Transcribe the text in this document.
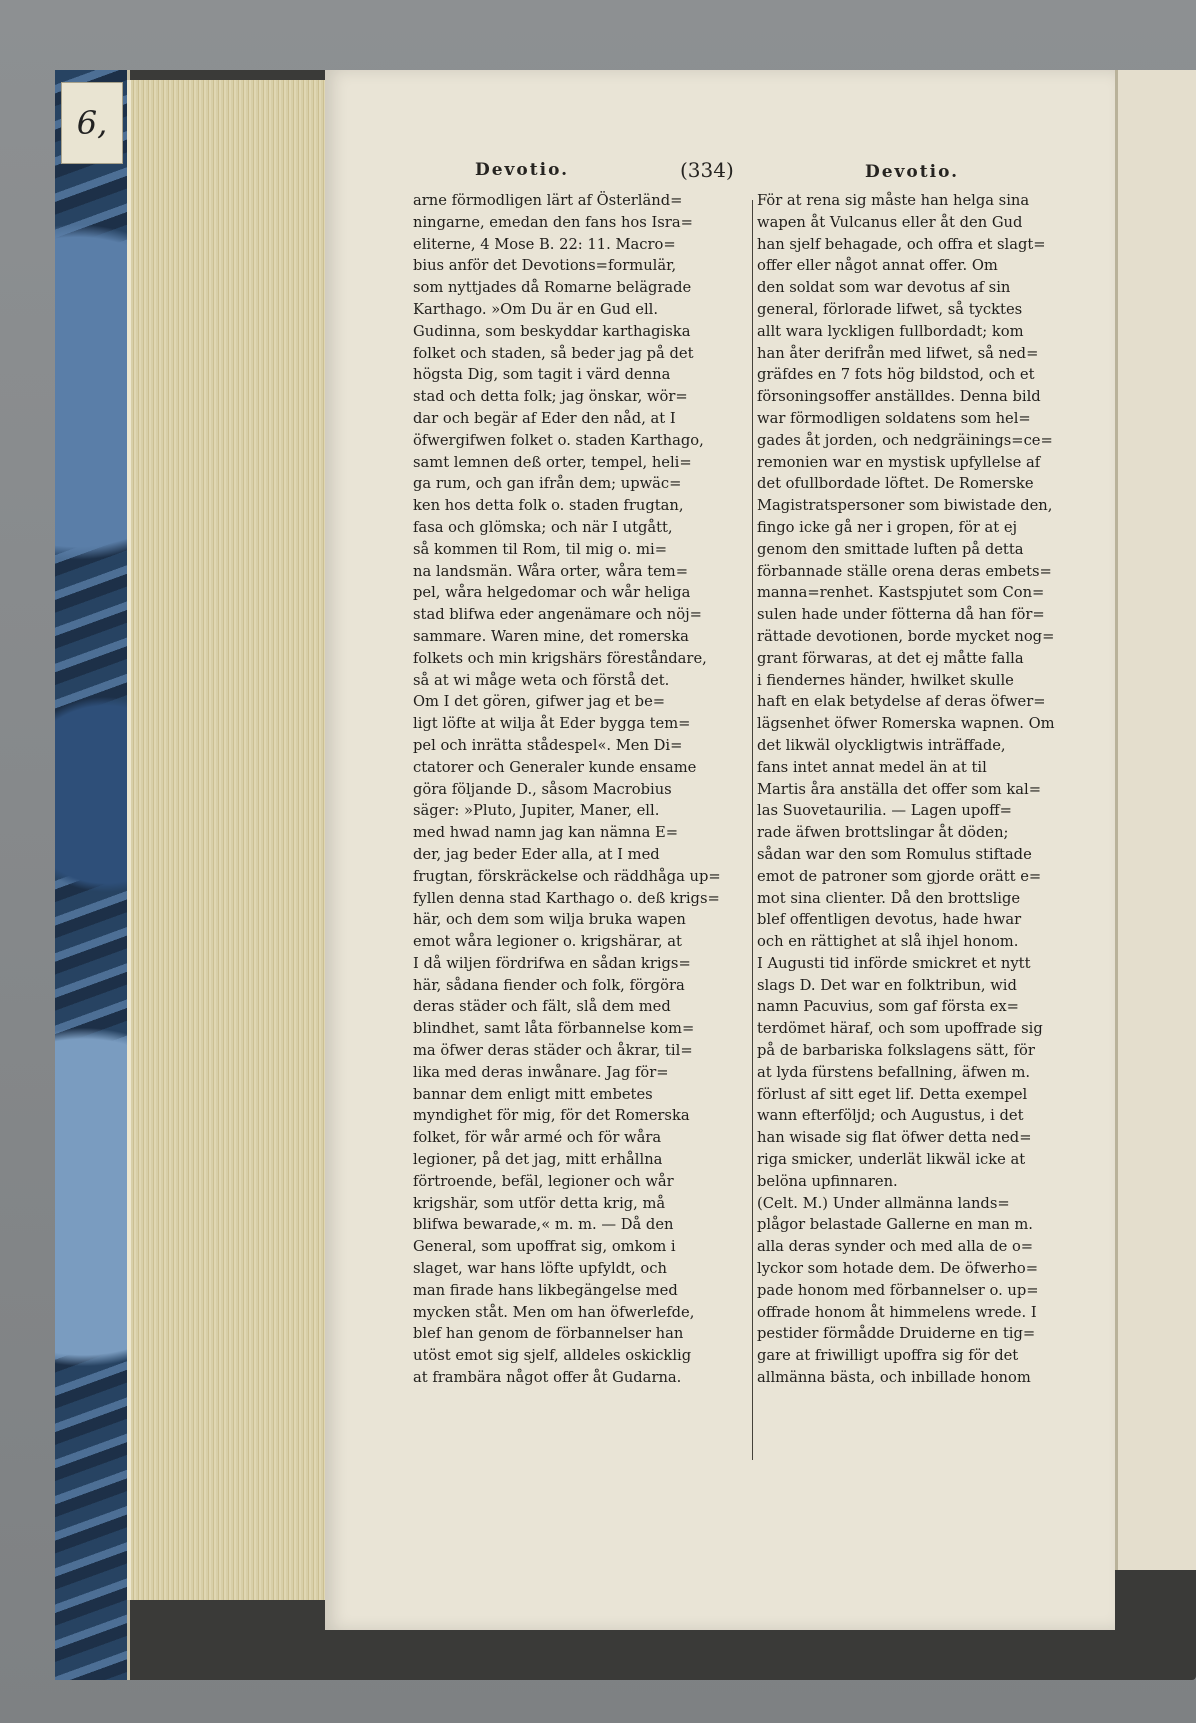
6,
Devotio.	(334)	Devotio.
arne förmodligen lärt af Österländ=
ningarne, emedan den fans hos Isra=
eliterne, 4 Mose B. 22: 11. Macro=
bius anför det Devotions=formulär,
som nyttjades då Romarne belägrade
Karthago. »Om Du är en Gud ell.
Gudinna, som beskyddar karthagiska
folket och staden, så beder jag på det
högsta Dig, som tagit i värd denna
stad och detta folk; jag önskar, wör=
dar och begär af Eder den nåd, at I
öfwergifwen folket o. staden Karthago,
samt lemnen deß orter, tempel, heli=
ga rum, och gan ifrån dem; upwäc=
ken hos detta folk o. staden frugtan,
fasa och glömska; och när I utgått,
så kommen til Rom, til mig o. mi=
na landsmän. Wåra orter, wåra tem=
pel, wåra helgedomar och wår heliga
stad blifwa eder angenämare och nöj=
sammare. Waren mine, det romerska
folkets och min krigshärs föreståndare,
så at wi måge weta och förstå det.
Om I det gören, gifwer jag et be=
ligt löfte at wilja åt Eder bygga tem=
pel och inrätta stådespel«. Men Di=
ctatorer och Generaler kunde ensame
göra följande D., såsom Macrobius
säger: »Pluto, Jupiter, Maner, ell.
med hwad namn jag kan nämna E=
der, jag beder Eder alla, at I med
frugtan, förskräckelse och räddhåga up=
fyllen denna stad Karthago o. deß krigs=
här, och dem som wilja bruka wapen
emot wåra legioner o. krigshärar, at
I då wiljen fördrifwa en sådan krigs=
här, sådana fiender och folk, förgöra
deras städer och fält, slå dem med
blindhet, samt låta förbannelse kom=
ma öfwer deras städer och åkrar, til=
lika med deras inwånare. Jag för=
bannar dem enligt mitt embetes
myndighet för mig, för det Romerska
folket, för wår armé och för wåra
legioner, på det jag, mitt erhållna
förtroende, befäl, legioner och wår
krigshär, som utför detta krig, må
blifwa bewarade,« m. m. — Då den
General, som upoffrat sig, omkom i
slaget, war hans löfte upfyldt, och
man firade hans likbegängelse med
mycken ståt. Men om han öfwerlefde,
blef han genom de förbannelser han
utöst emot sig sjelf, alldeles oskicklig
at frambära något offer åt Gudarna.
För at rena sig måste han helga sina
wapen åt Vulcanus eller åt den Gud
han sjelf behagade, och offra et slagt=
offer eller något annat offer. Om
den soldat som war devotus af sin
general, förlorade lifwet, så tycktes
allt wara lyckligen fullbordadt; kom
han åter derifrån med lifwet, så ned=
gräfdes en 7 fots hög bildstod, och et
försoningsoffer anställdes. Denna bild
war förmodligen soldatens som hel=
gades åt jorden, och nedgräinings=ce=
remonien war en mystisk upfyllelse af
det ofullbordade löftet. De Romerske
Magistratspersoner som biwistade den,
fingo icke gå ner i gropen, för at ej
genom den smittade luften på detta
förbannade ställe orena deras embets=
manna=renhet. Kastspjutet som Con=
sulen hade under fötterna då han för=
rättade devotionen, borde mycket nog=
grant förwaras, at det ej måtte falla
i fiendernes händer, hwilket skulle
haft en elak betydelse af deras öfwer=
lägsenhet öfwer Romerska wapnen. Om
det likwäl olyckligtwis inträffade,
fans intet annat medel än at til
Martis åra anställa det offer som kal=
las Suovetaurilia. — Lagen upoff=
rade äfwen brottslingar åt döden;
sådan war den som Romulus stiftade
emot de patroner som gjorde orätt e=
mot sina clienter. Då den brottslige
blef offentligen devotus, hade hwar
och en rättighet at slå ihjel honom.
I Augusti tid införde smickret et nytt
slags D. Det war en folktribun, wid
namn Pacuvius, som gaf första ex=
terdömet häraf, och som upoffrade sig
på de barbariska folkslagens sätt, för
at lyda fürstens befallning, äfwen m.
förlust af sitt eget lif. Detta exempel
wann efterföljd; och Augustus, i det
han wisade sig flat öfwer detta ned=
riga smicker, underlät likwäl icke at
belöna upfinnaren.
(Celt. M.) Under allmänna lands=
plågor belastade Gallerne en man m.
alla deras synder och med alla de o=
lyckor som hotade dem. De öfwerho=
pade honom med förbannelser o. up=
offrade honom åt himmelens wrede. I
pestider förmådde Druiderne en tig=
gare at friwilligt upoffra sig för det
allmänna bästa, och inbillade honom
